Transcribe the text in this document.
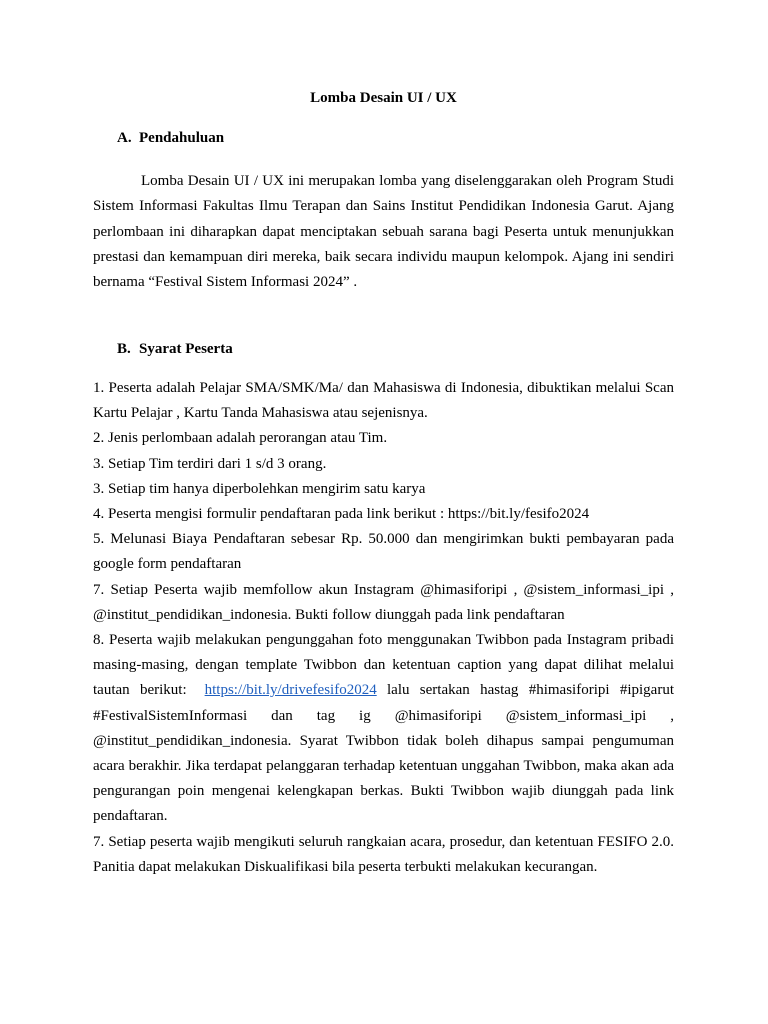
Lomba Desain UI / UX
A. Pendahuluan

Lomba Desain UI / UX ini merupakan lomba yang diselenggarakan oleh Program Studi Sistem Informasi Fakultas Ilmu Terapan dan Sains Institut Pendidikan Indonesia Garut. Ajang perlombaan ini diharapkan dapat menciptakan sebuah sarana bagi Peserta untuk menunjukkan prestasi dan kemampuan diri mereka, baik secara individu maupun kelompok. Ajang ini sendiri bernama “Festival Sistem Informasi 2024” .

B. Syarat Peserta

1. Peserta adalah Pelajar SMA/SMK/Ma/ dan Mahasiswa di Indonesia, dibuktikan melalui Scan Kartu Pelajar , Kartu Tanda Mahasiswa atau sejenisnya.

2. Jenis perlombaan adalah perorangan atau Tim.

3. Setiap Tim terdiri dari 1 s/d 3 orang.

3. Setiap tim hanya diperbolehkan mengirim satu karya

4. Peserta mengisi formulir pendaftaran pada link berikut : https://bit.ly/fesifo2024

5. Melunasi Biaya Pendaftaran sebesar Rp. 50.000 dan mengirimkan bukti pembayaran pada google form pendaftaran

7. Setiap Peserta wajib memfollow akun Instagram @himasiforipi , @sistem_informasi_ipi , @institut_pendidikan_indonesia. Bukti follow diunggah pada link pendaftaran

8. Peserta wajib melakukan pengunggahan foto menggunakan Twibbon pada Instagram pribadi masing-masing, dengan template Twibbon dan ketentuan caption yang dapat dilihat melalui tautan berikut: https://bit.ly/drivefesifo2024 lalu sertakan hastag #himasiforipi #ipigarut #FestivalSistemInformasi dan tag ig @himasiforipi @sistem_informasi_ipi , @institut_pendidikan_indonesia. Syarat Twibbon tidak boleh dihapus sampai pengumuman acara berakhir. Jika terdapat pelanggaran terhadap ketentuan unggahan Twibbon, maka akan ada pengurangan poin mengenai kelengkapan berkas. Bukti Twibbon wajib diunggah pada link pendaftaran.

7. Setiap peserta wajib mengikuti seluruh rangkaian acara, prosedur, dan ketentuan FESIFO 2.0. Panitia dapat melakukan Diskualifikasi bila peserta terbukti melakukan kecurangan.
